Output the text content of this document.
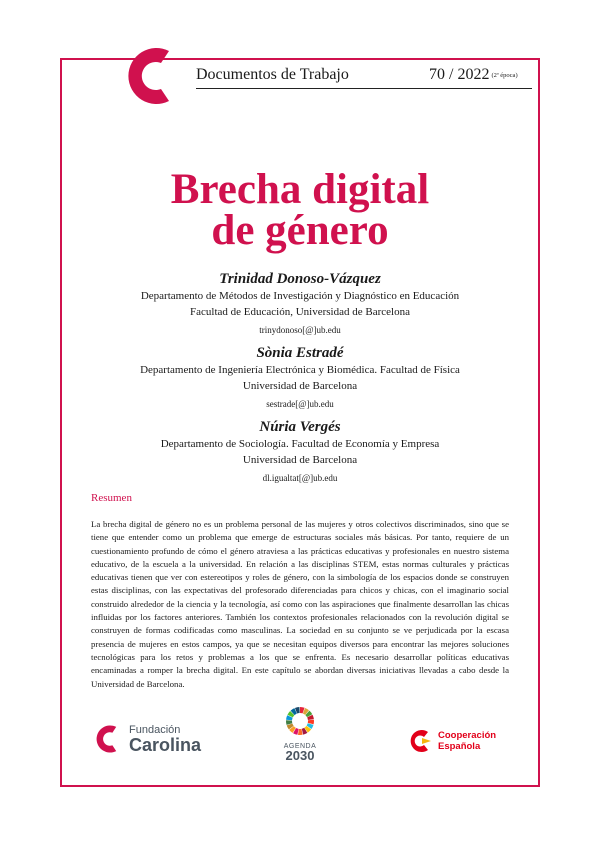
Documentos de Trabajo	70 / 2022 (2ª época)
Brecha digital
de género
Trinidad Donoso-Vázquez
Departamento de Métodos de Investigación y Diagnóstico en Educación
Facultad de Educación, Universidad de Barcelona
trinydonoso[@]ub.edu
Sònia Estradé
Departamento de Ingeniería Electrónica y Biomédica. Facultad de Física
Universidad de Barcelona
sestrade[@]ub.edu
Núria Vergés
Departamento de Sociología. Facultad de Economía y Empresa
Universidad de Barcelona
dl.igualtat[@]ub.edu
Resumen
La brecha digital de género no es un problema personal de las mujeres y otros colectivos discriminados, sino que se tiene que entender como un problema que emerge de estructuras sociales más básicas. Por tanto, requiere de un cuestionamiento profundo de cómo el género atraviesa a las prácticas educativas y profesionales en nuestro sistema educativo, de la escuela a la universidad. En relación a las disciplinas STEM, estas normas culturales y prácticas educativas tienen que ver con estereotipos y roles de género, con la simbología de los espacios donde se construyen estas disciplinas, con las expectativas del profesorado diferenciadas para chicos y chicas, con el imaginario social construido alrededor de la ciencia y la tecnología, así como con las aspiraciones que finalmente desarrollan las chicas influidas por los factores anteriores. También los contextos profesionales relacionados con la revolución digital se construyen de formas codificadas como masculinas. La sociedad en su conjunto se ve perjudicada por la escasa presencia de mujeres en estos campos, ya que se necesitan equipos diversos para encontrar las mejores soluciones tecnológicas para los retos y problemas a los que se enfrenta. Es necesario desarrollar políticas educativas encaminadas a romper la brecha digital. En este capítulo se abordan diversas iniciativas llevadas a cabo desde la Universidad de Barcelona.
Fundación
Carolina	AGENDA
2030
Cooperación
Española
